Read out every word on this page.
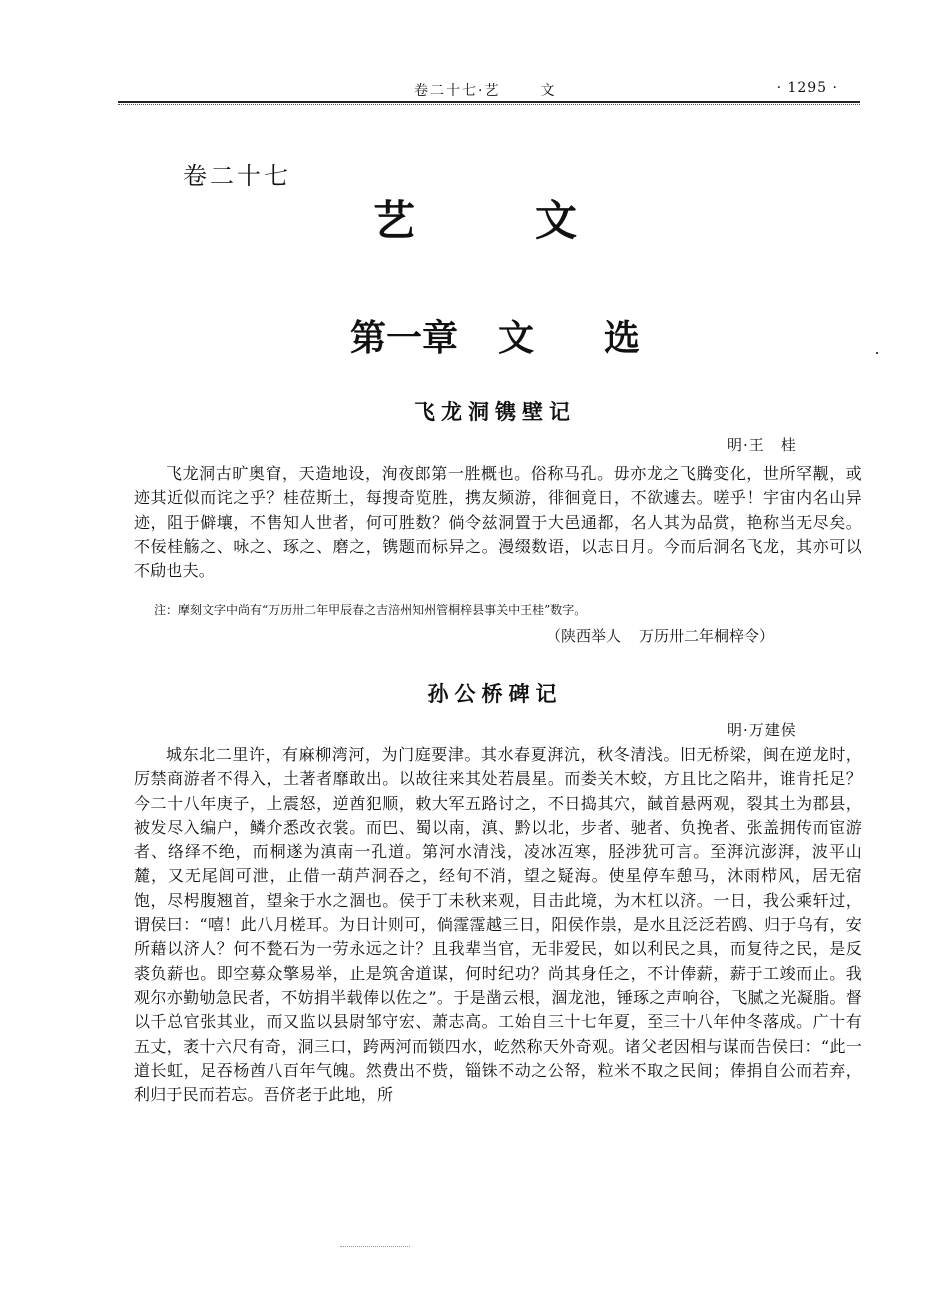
卷二十七·艺	文	· 1295 ·
卷二十七
艺	文
第一章 文 选
飞龙洞镌壁记
明·王　桂

飞龙洞古旷奥窅，天造地设，洵夜郎第一胜概也。俗称马孔。毋亦龙之飞腾变化，世所罕觏，或迹其近似而诧之乎？桂莅斯土，每搜奇览胜，携友频游，徘徊竟日，不欲遽去。嗟乎！宇宙内名山异迹，阻于僻壤，不售知人世者，何可胜数？倘令兹洞置于大邑通都，名人其为品赏，艳称当无尽矣。不佞桂觞之、咏之、琢之、磨之，镌题而标异之。漫缀数语，以志日月。今而后洞名飞龙，其亦可以不劶也夫。

注：摩刻文字中尚有“万历卅二年甲辰春之吉涪州知州管桐梓县事关中王桂”数字。
（陕西举人 万历卅二年桐梓令）
孙公桥碑记
明·万建侯

城东北二里许，有麻柳湾河，为门庭要津。其水春夏湃沆，秋冬清浅。旧无桥梁，闽在逆龙时，厉禁商游者不得入，土著者靡敢出。以故往来其处若晨星。而娄关木蛟，方且比之陷井，谁肯托足？今二十八年庚子，上震怒，逆酋犯顺，敕大军五路讨之，不日捣其穴，馘首悬两观，裂其土为郡县，被发尽入编户，鳞介悉改衣裳。而巴、蜀以南，滇、黔以北，步者、驰者、负挽者、张盖拥传而宦游者、络绎不绝，而桐遂为滇南一孔道。第河水清浅，凌冰冱寒，胫涉犹可言。至湃沆澎湃，波平山麓，又无尾闾可泄，止借一葫芦洞吞之，经旬不消，望之疑海。使星停车憩马，沐雨栉风，居无宿饱，尽枵腹翘首，望籴于水之涸也。侯于丁未秋来观，目击此境，为木杠以济。一日，我公乘轩过，谓侯曰：“嘻！此八月槎耳。为日计则可，倘霪霪越三日，阳侯作祟，是水且泛泛若鸥、归于乌有，安所藉以济人？何不甃石为一劳永远之计？且我辈当官，无非爱民，如以利民之具，而复待之民，是反裘负薪也。即空募众擎易举，止是筑舍道谋，何时纪功？尚其身任之，不计俸薪，薪于工竣而止。我观尔亦勤劬急民者，不妨捐半载俸以佐之”。于是凿云根，涸龙池，锤琢之声响谷，飞腻之光凝脂。督以千总官张其业，而又监以县尉邹守宏、萧志高。工始自三十七年夏，至三十八年仲冬落成。广十有五丈，袤十六尺有奇，洞三口，跨两河而锁四水，屹然称天外奇观。诸父老因相与谋而告侯曰：“此一道长虹，足吞杨酋八百年气魄。然费出不赀，锱铢不动之公帑，粒米不取之民间；俸捐自公而若弃，利归于民而若忘。吾侪老于此地，所
